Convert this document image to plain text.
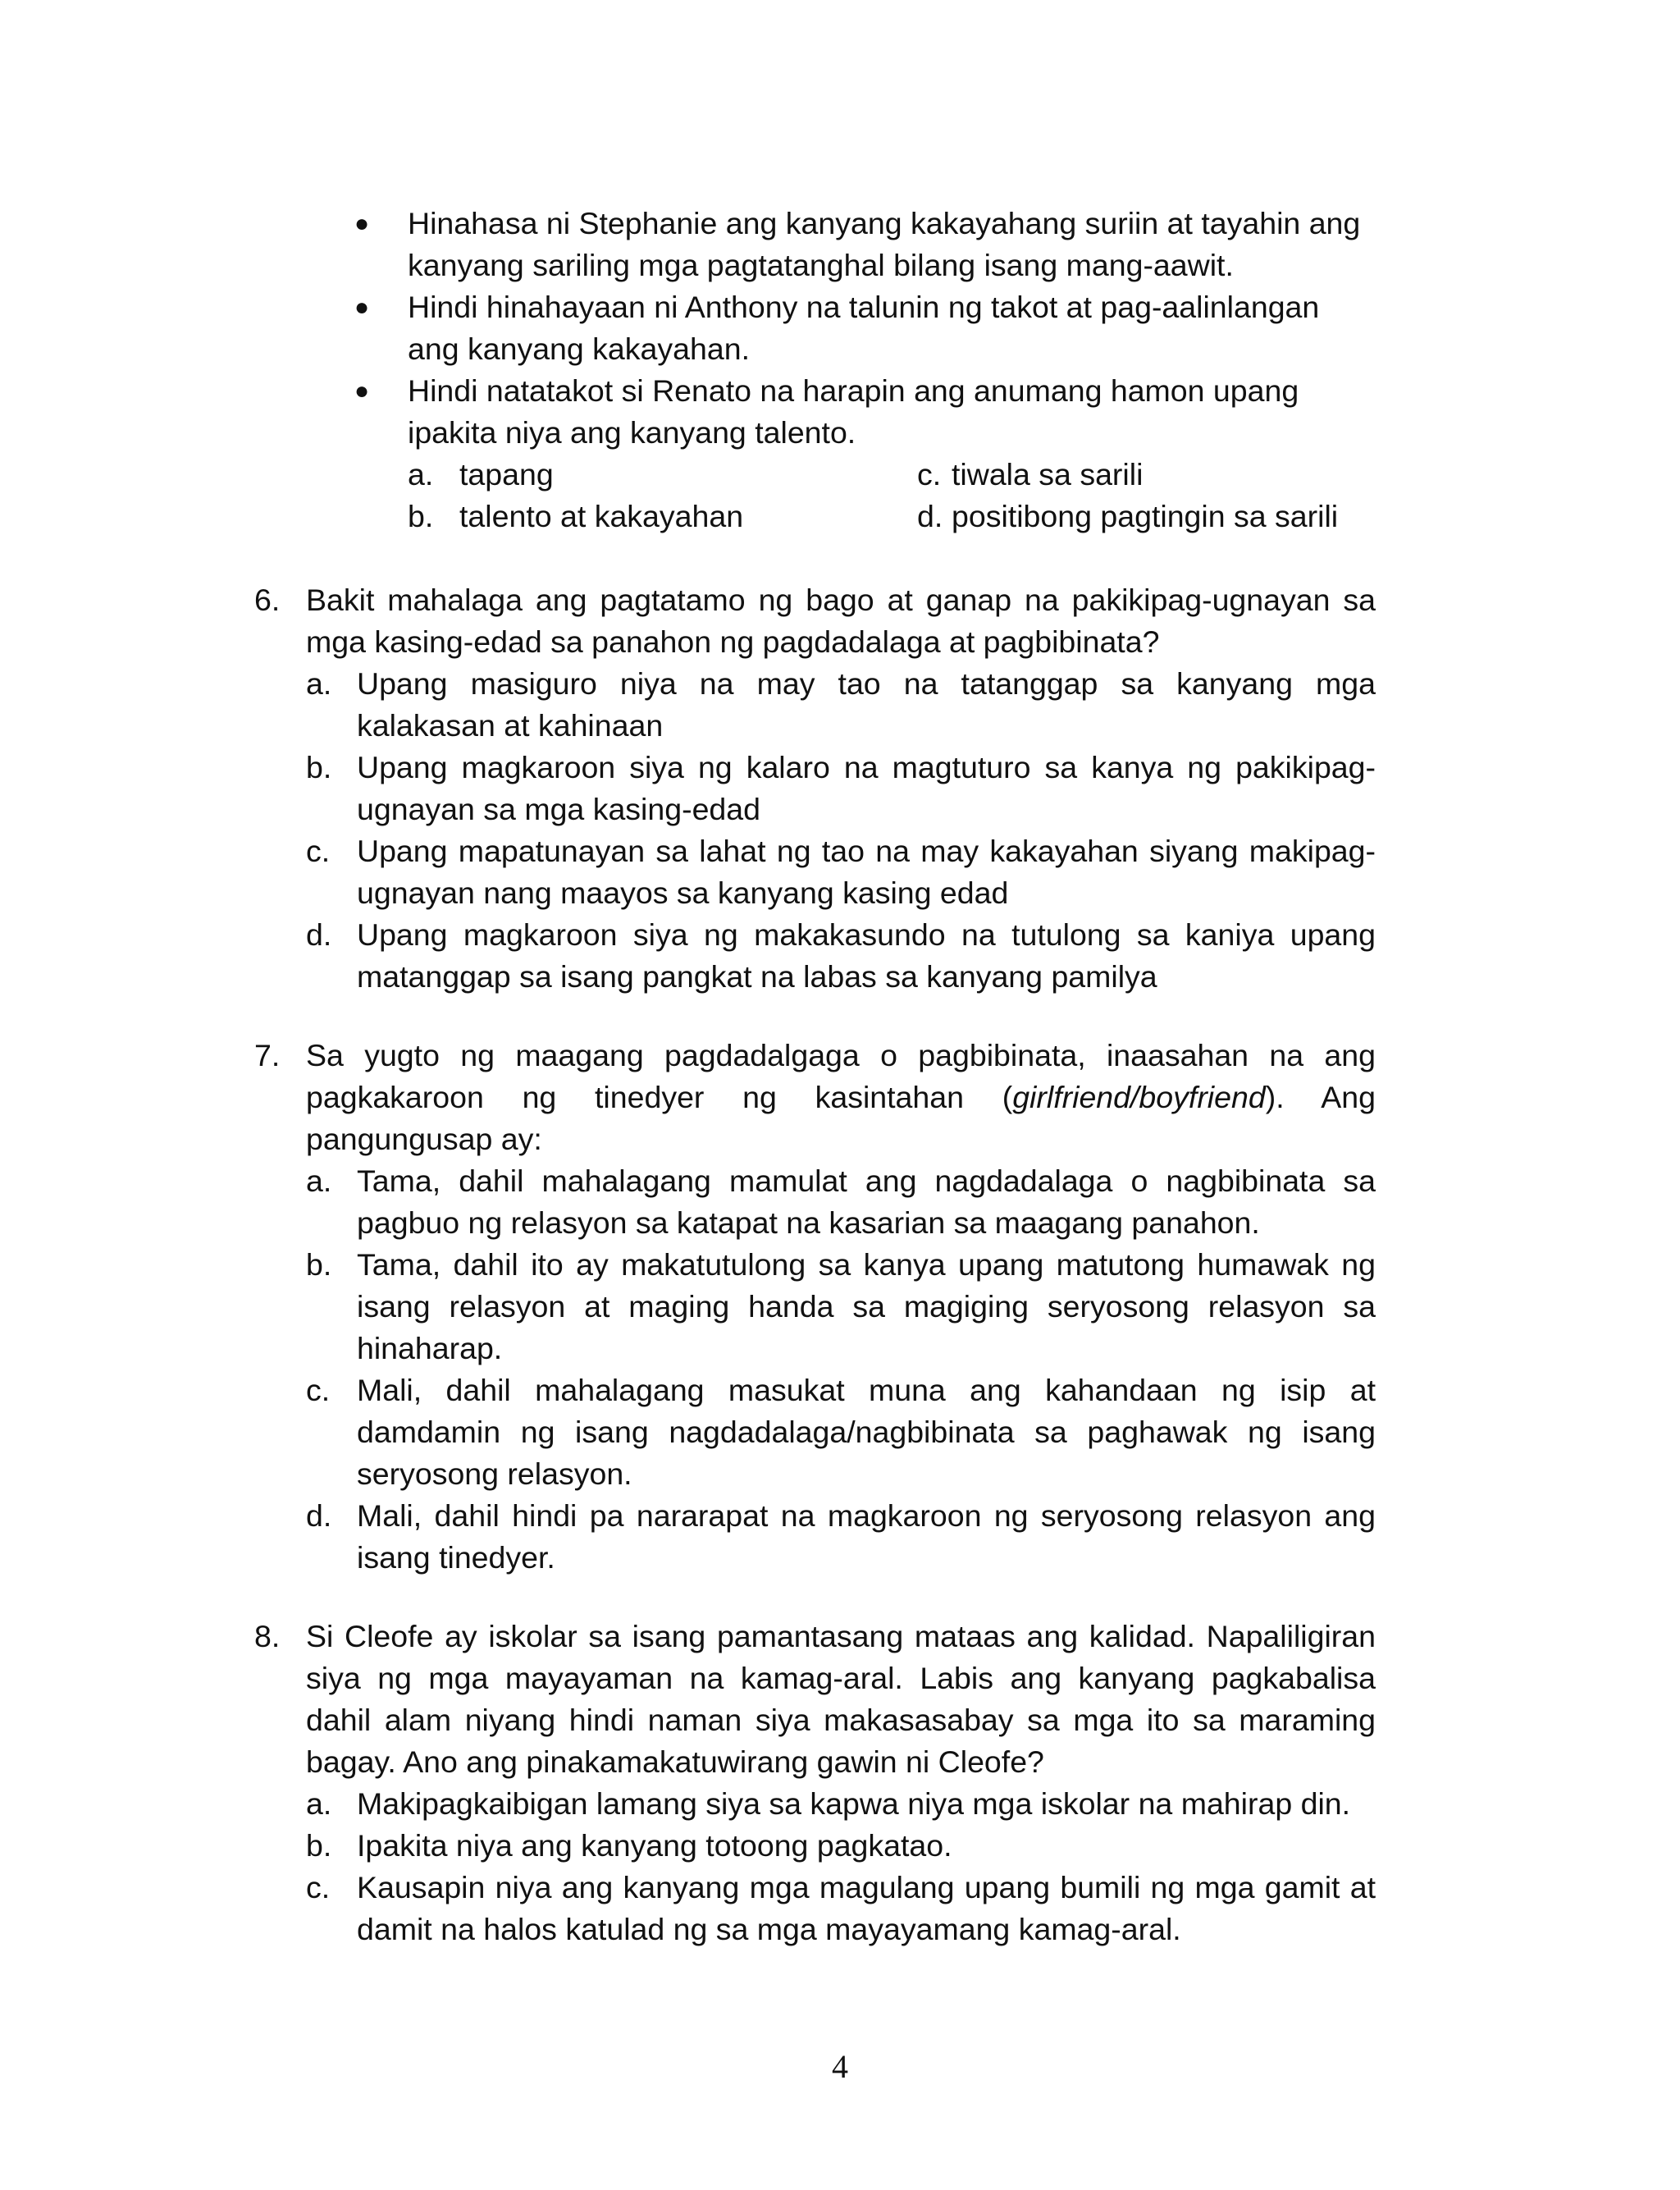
●	Hinahasa ni Stephanie ang kanyang kakayahang suriin at tayahin ang
kanyang sariling mga pagtatanghal bilang isang mang-aawit.
●	Hindi hinahayaan ni Anthony na talunin ng takot at pag-aalinlangan
ang kanyang kakayahan.
●	Hindi natatakot si Renato na harapin ang anumang hamon upang
ipakita niya ang kanyang talento.
a. tapang	c. tiwala sa sarili
b. talento at kakayahan	d. positibong pagtingin sa sarili
6. Bakit mahalaga ang pagtatamo ng bago at ganap na pakikipag-ugnayan sa
mga kasing-edad sa panahon ng pagdadalaga at pagbibinata?
a. Upang masiguro niya na may tao na tatanggap sa kanyang mga
kalakasan at kahinaan
b. Upang magkaroon siya ng kalaro na magtuturo sa kanya ng pakikipag-
ugnayan sa mga kasing-edad
c. Upang mapatunayan sa lahat ng tao na may kakayahan siyang makipag-
ugnayan nang maayos sa kanyang kasing edad
d. Upang magkaroon siya ng makakasundo na tutulong sa kaniya upang
matanggap sa isang pangkat na labas sa kanyang pamilya
7. Sa yugto ng maagang pagdadalgaga o pagbibinata, inaasahan na ang
pagkakaroon ng tinedyer ng kasintahan (girlfriend/boyfriend). Ang
pangungusap ay:
a. Tama, dahil mahalagang mamulat ang nagdadalaga o nagbibinata sa
pagbuo ng relasyon sa katapat na kasarian sa maagang panahon.
b. Tama, dahil ito ay makatutulong sa kanya upang matutong humawak ng
isang relasyon at maging handa sa magiging seryosong relasyon sa
hinaharap.
c. Mali, dahil mahalagang masukat muna ang kahandaan ng isip at
damdamin ng isang nagdadalaga/nagbibinata sa paghawak ng isang
seryosong relasyon.
d. Mali, dahil hindi pa nararapat na magkaroon ng seryosong relasyon ang
isang tinedyer.
8. Si Cleofe ay iskolar sa isang pamantasang mataas ang kalidad. Napaliligiran
siya ng mga mayayaman na kamag-aral. Labis ang kanyang pagkabalisa
dahil alam niyang hindi naman siya makasasabay sa mga ito sa maraming
bagay. Ano ang pinakamakatuwirang gawin ni Cleofe?
a. Makipagkaibigan lamang siya sa kapwa niya mga iskolar na mahirap din.
b. Ipakita niya ang kanyang totoong pagkatao.
c. Kausapin niya ang kanyang mga magulang upang bumili ng mga gamit at
damit na halos katulad ng sa mga mayayamang kamag-aral.
4
